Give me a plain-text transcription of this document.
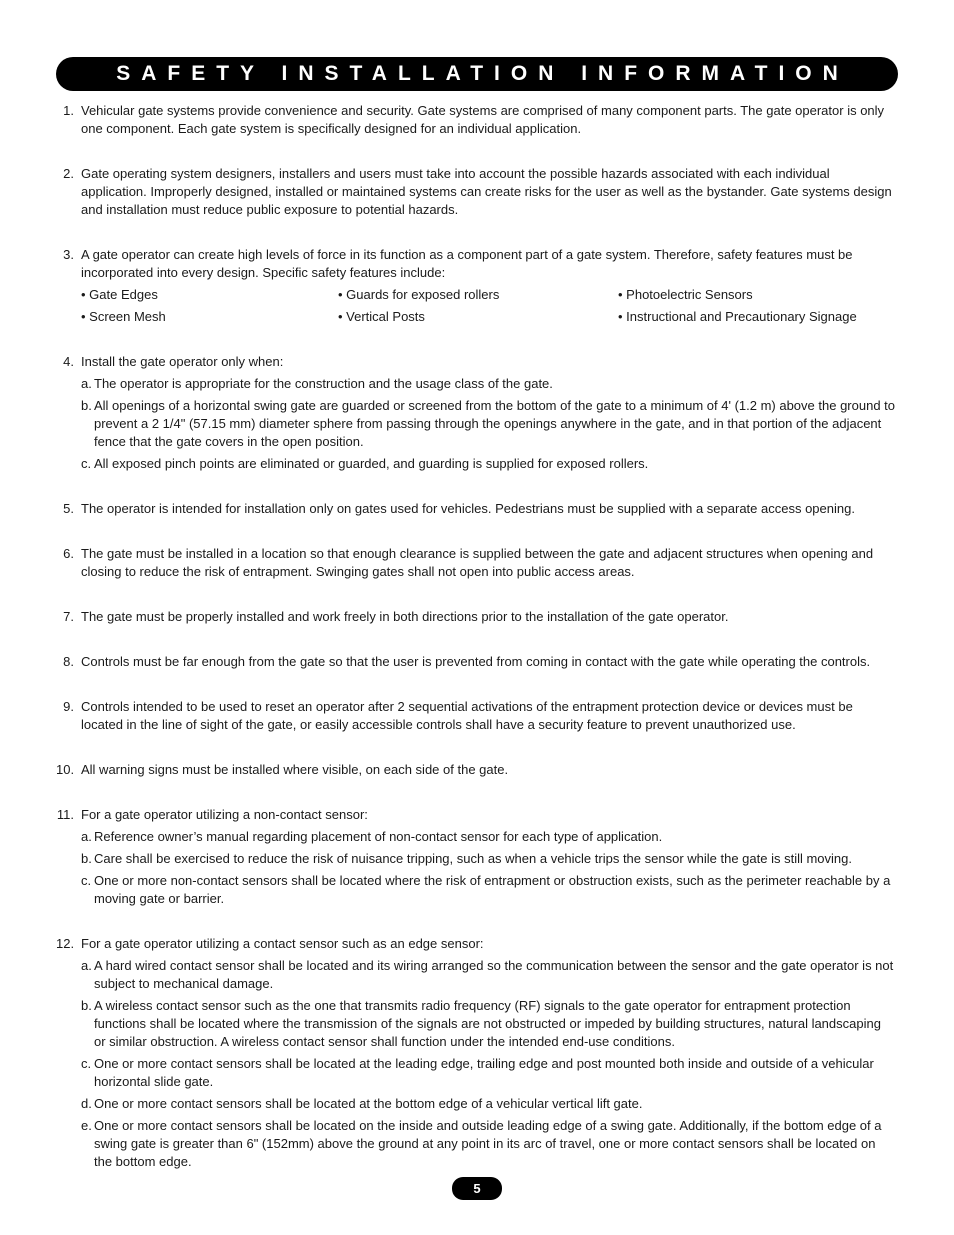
SAFETY INSTALLATION INFORMATION
1. Vehicular gate systems provide convenience and security. Gate systems are comprised of many component parts. The gate operator is only one component. Each gate system is specifically designed for an individual application.

2. Gate operating system designers, installers and users must take into account the possible hazards associated with each individual application. Improperly designed, installed or maintained systems can create risks for the user as well as the bystander. Gate systems design and installation must reduce public exposure to potential hazards.

3. A gate operator can create high levels of force in its function as a component part of a gate system. Therefore, safety features must be incorporated into every design. Specific safety features include:

• Gate Edges	• Guards for exposed rollers	• Photoelectric Sensors
• Screen Mesh	• Vertical Posts	• Instructional and Precautionary Signage
4. Install the gate operator only when:

a. The operator is appropriate for the construction and the usage class of the gate.
b. All openings of a horizontal swing gate are guarded or screened from the bottom of the gate to a minimum of 4' (1.2 m) above the ground to prevent a 2 1/4" (57.15 mm) diameter sphere from passing through the openings anywhere in the gate, and in that portion of the adjacent fence that the gate covers in the open position.
c. All exposed pinch points are eliminated or guarded, and guarding is supplied for exposed rollers.
5. The operator is intended for installation only on gates used for vehicles. Pedestrians must be supplied with a separate access opening.

6. The gate must be installed in a location so that enough clearance is supplied between the gate and adjacent structures when opening and closing to reduce the risk of entrapment. Swinging gates shall not open into public access areas.

7. The gate must be properly installed and work freely in both directions prior to the installation of the gate operator.

8. Controls must be far enough from the gate so that the user is prevented from coming in contact with the gate while operating the controls.

9. Controls intended to be used to reset an operator after 2 sequential activations of the entrapment protection device or devices must be located in the line of sight of the gate, or easily accessible controls shall have a security feature to prevent unauthorized use.

10. All warning signs must be installed where visible, on each side of the gate.

11. For a gate operator utilizing a non-contact sensor:

a. Reference owner’s manual regarding placement of non-contact sensor for each type of application.
b. Care shall be exercised to reduce the risk of nuisance tripping, such as when a vehicle trips the sensor while the gate is still moving.
c. One or more non-contact sensors shall be located where the risk of entrapment or obstruction exists, such as the perimeter reachable by a moving gate or barrier.
12. For a gate operator utilizing a contact sensor such as an edge sensor:

a. A hard wired contact sensor shall be located and its wiring arranged so the communication between the sensor and the gate operator is not subject to mechanical damage.
b. A wireless contact sensor such as the one that transmits radio frequency (RF) signals to the gate operator for entrapment protection functions shall be located where the transmission of the signals are not obstructed or impeded by building structures, natural landscaping or similar obstruction. A wireless contact sensor shall function under the intended end-use conditions.
c. One or more contact sensors shall be located at the leading edge, trailing edge and post mounted both inside and outside of a vehicular horizontal slide gate.
d. One or more contact sensors shall be located at the bottom edge of a vehicular vertical lift gate.
e. One or more contact sensors shall be located on the inside and outside leading edge of a swing gate. Additionally, if the bottom edge of a swing gate is greater than 6" (152mm) above the ground at any point in its arc of travel, one or more contact sensors shall be located on the bottom edge.
5
